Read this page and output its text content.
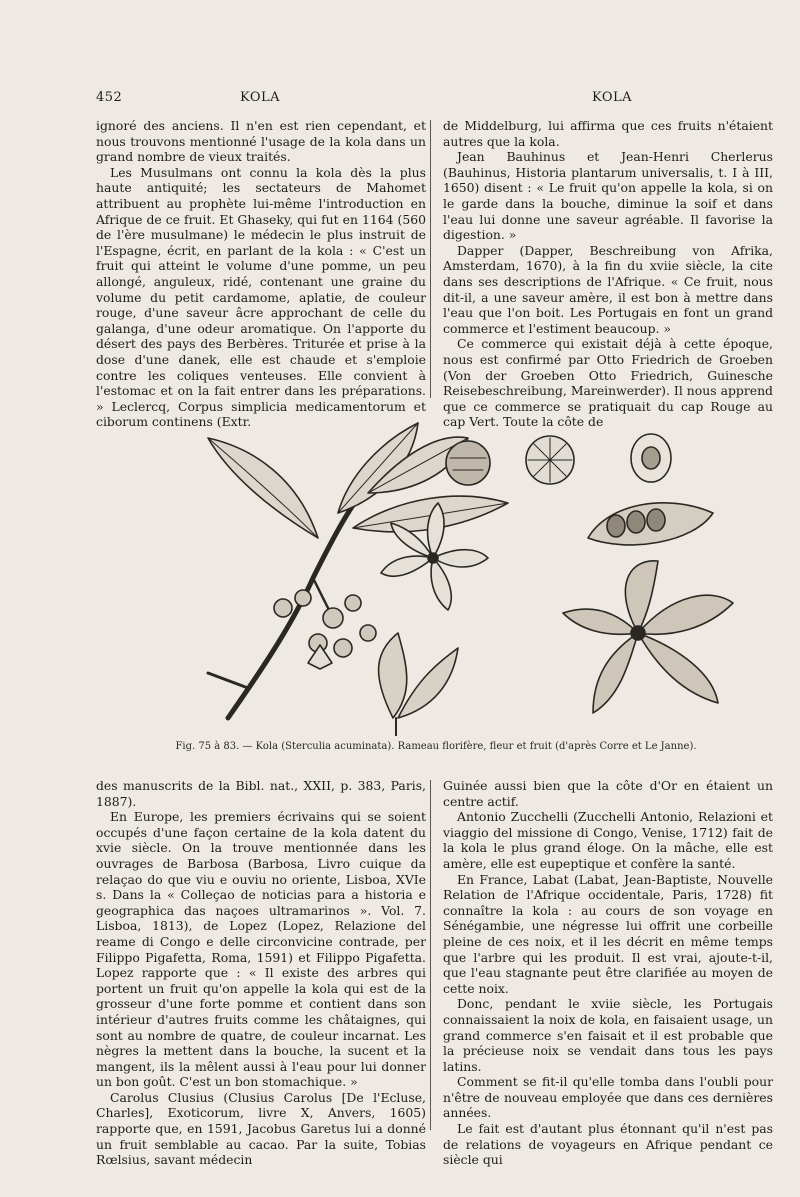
452	KOLA	KOLA

ignoré des anciens. Il n'en est rien cependant, et nous trouvons mentionné l'usage de la kola dans un grand nombre de vieux traités.

Les Musulmans ont connu la kola dès la plus haute antiquité; les sectateurs de Mahomet attribuent au prophète lui-même l'introduction en Afrique de ce fruit. Et Ghaseky, qui fut en 1164 (560 de l'ère musulmane) le médecin le plus instruit de l'Espagne, écrit, en parlant de la kola : « C'est un fruit qui atteint le volume d'une pomme, un peu allongé, anguleux, ridé, contenant une graine du volume du petit cardamome, aplatie, de couleur rouge, d'une saveur âcre approchant de celle du galanga, d'une odeur aromatique. On l'apporte du désert des pays des Berbères. Triturée et prise à la dose d'une danek, elle est chaude et s'emploie contre les coliques venteuses. Elle convient à l'estomac et on la fait entrer dans les préparations. » Leclercq, Corpus simplicia medicamentorum et ciborum continens (Extr.

de Middelburg, lui affirma que ces fruits n'étaient autres que la kola.

Jean Bauhinus et Jean-Henri Cherlerus (Bauhinus, Historia plantarum universalis, t. I à III, 1650) disent : « Le fruit qu'on appelle la kola, si on le garde dans la bouche, diminue la soif et dans l'eau lui donne une saveur agréable. Il favorise la digestion. »

Dapper (Dapper, Beschreibung von Afrika, Amsterdam, 1670), à la fin du xviie siècle, la cite dans ses descriptions de l'Afrique. « Ce fruit, nous dit-il, a une saveur amère, il est bon à mettre dans l'eau que l'on boit. Les Portugais en font un grand commerce et l'estiment beaucoup. »

Ce commerce qui existait déjà à cette époque, nous est confirmé par Otto Friedrich de Groeben (Von der Groeben Otto Friedrich, Guinesche Reisebeschreibung, Mareinwerder). Il nous apprend que ce commerce se pratiquait du cap Rouge au cap Vert. Toute la côte de

Fig. 75 à 83. — Kola (Sterculia acuminata). Rameau florifère, fleur et fruit (d'après Corre et Le Janne).

des manuscrits de la Bibl. nat., XXII, p. 383, Paris, 1887).

En Europe, les premiers écrivains qui se soient occupés d'une façon certaine de la kola datent du xvie siècle. On la trouve mentionnée dans les ouvrages de Barbosa (Barbosa, Livro cuique da relaçao do que viu e ouviu no oriente, Lisboa, XVIe s. Dans la « Colleçao de noticias para a historia e geographica das naçoes ultramarinos ». Vol. 7. Lisboa, 1813), de Lopez (Lopez, Relazione del reame di Congo e delle circonvicine contrade, per Filippo Pigafetta, Roma, 1591) et Filippo Pigafetta. Lopez rapporte que : « Il existe des arbres qui portent un fruit qu'on appelle la kola qui est de la grosseur d'une forte pomme et contient dans son intérieur d'autres fruits comme les châtaignes, qui sont au nombre de quatre, de couleur incarnat. Les nègres la mettent dans la bouche, la sucent et la mangent, ils la mêlent aussi à l'eau pour lui donner un bon goût. C'est un bon stomachique. »

Carolus Clusius (Clusius Carolus [De l'Ecluse, Charles], Exoticorum, livre X, Anvers, 1605) rapporte que, en 1591, Jacobus Garetus lui a donné un fruit semblable au cacao. Par la suite, Tobias Rœlsius, savant médecin

Guinée aussi bien que la côte d'Or en étaient un centre actif.

Antonio Zucchelli (Zucchelli Antonio, Relazioni et viaggio del missione di Congo, Venise, 1712) fait de la kola le plus grand éloge. On la mâche, elle est amère, elle est eupeptique et confère la santé.

En France, Labat (Labat, Jean-Baptiste, Nouvelle Relation de l'Afrique occidentale, Paris, 1728) fit connaître la kola : au cours de son voyage en Sénégambie, une négresse lui offrit une corbeille pleine de ces noix, et il les décrit en même temps que l'arbre qui les produit. Il est vrai, ajoute-t-il, que l'eau stagnante peut être clarifiée au moyen de cette noix.

Donc, pendant le xviie siècle, les Portugais connaissaient la noix de kola, en faisaient usage, un grand commerce s'en faisait et il est probable que la précieuse noix se vendait dans tous les pays latins.

Comment se fit-il qu'elle tomba dans l'oubli pour n'être de nouveau employée que dans ces dernières années.

Le fait est d'autant plus étonnant qu'il n'est pas de relations de voyageurs en Afrique pendant ce siècle qui
